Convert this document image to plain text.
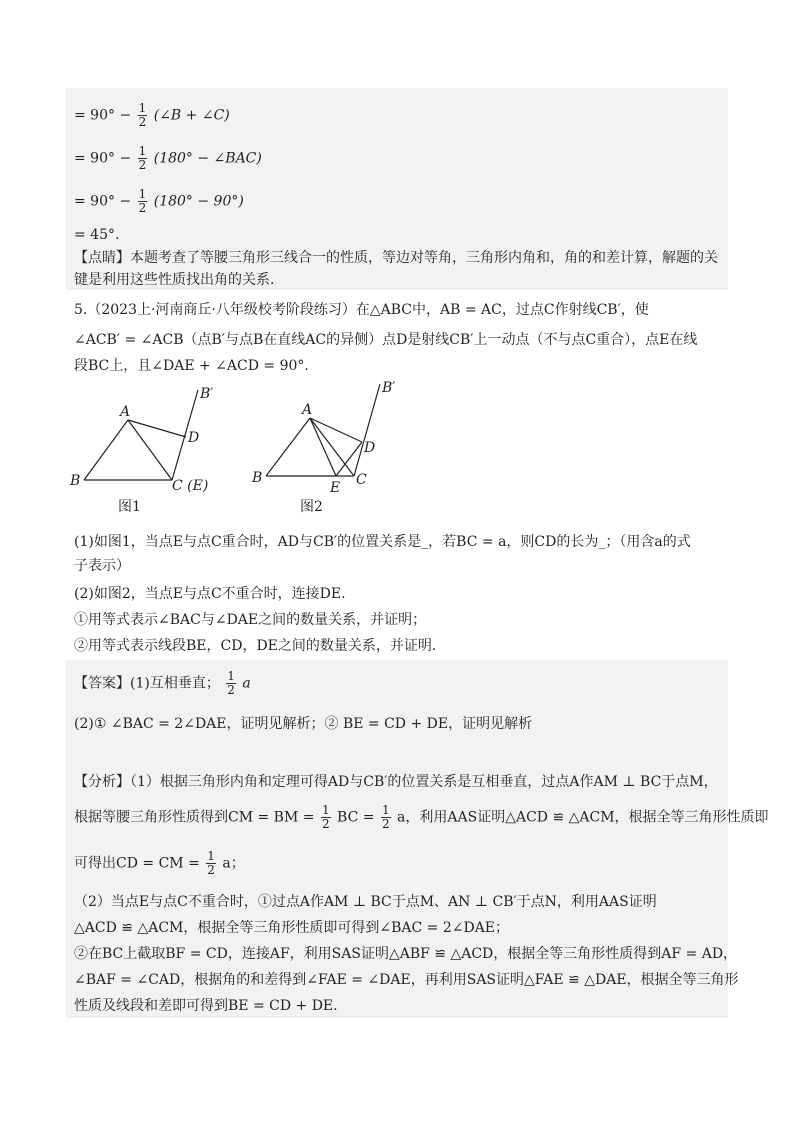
= $90^\circ - \frac{1}{2}$ (∠B + ∠C)
= $90^\circ - \frac{1}{2} (180^\circ$ − ∠BAC)
= $90^\circ - \frac{1}{2} (180^\circ - 90^\circ)$
= 45°.
【点睛】本题考查了等腰三角形三线合一的性质，等边对等角，三角形内角和，角的和差计算，解题的关
键是利用这些性质找出角的关系.
5.（2023上·河南商丘·八年级校考阶段练习）在△ABC中，AB = AC，过点C作射线CB′，使
∠ACB′ = ∠ACB（点B′与点B在直线AC的异侧）点D是射线CB′上一动点（不与点C重合），点E在线
段BC上，且∠DAE + ∠ACD = 90°.
A
B	C (E)
D
B′
A
B	C
D
E
B′
图1	图2
(1)如图1，当点E与点C重合时，AD与CB′的位置关系是_，若BC = a，则CD的长为_；（用含a的式
子表示）
(2)如图2，当点E与点C不重合时，连接DE.
①用等式表示∠BAC与∠DAE之间的数量关系，并证明；
②用等式表示线段BE，CD，DE之间的数量关系，并证明.
【答案】(1)互相垂直； $\frac{1}{2}$ a
(2)① ∠BAC = 2∠DAE，证明见解析；② BE = CD + DE，证明见解析
【分析】（1）根据三角形内角和定理可得AD与CB′的位置关系是互相垂直，过点A作AM ⊥ BC于点M，
根据等腰三角形性质得到CM = BM = $\frac{1}{2}$ BC = $\frac{1}{2}$ a，利用AAS证明△ACD ≌ △ACM，根据全等三角形性质即
可得出CD = CM = $\frac{1}{2}$ a；
（2）当点E与点C不重合时，①过点A作AM ⊥ BC于点M、AN ⊥ CB′于点N，利用AAS证明
△ACD ≌ △ACM，根据全等三角形性质即可得到∠BAC = 2∠DAE；
②在BC上截取BF = CD，连接AF，利用SAS证明△ABF ≌ △ACD，根据全等三角形性质得到AF = AD，
∠BAF = ∠CAD，根据角的和差得到∠FAE = ∠DAE，再利用SAS证明△FAE ≌ △DAE，根据全等三角形
性质及线段和差即可得到BE = CD + DE.
